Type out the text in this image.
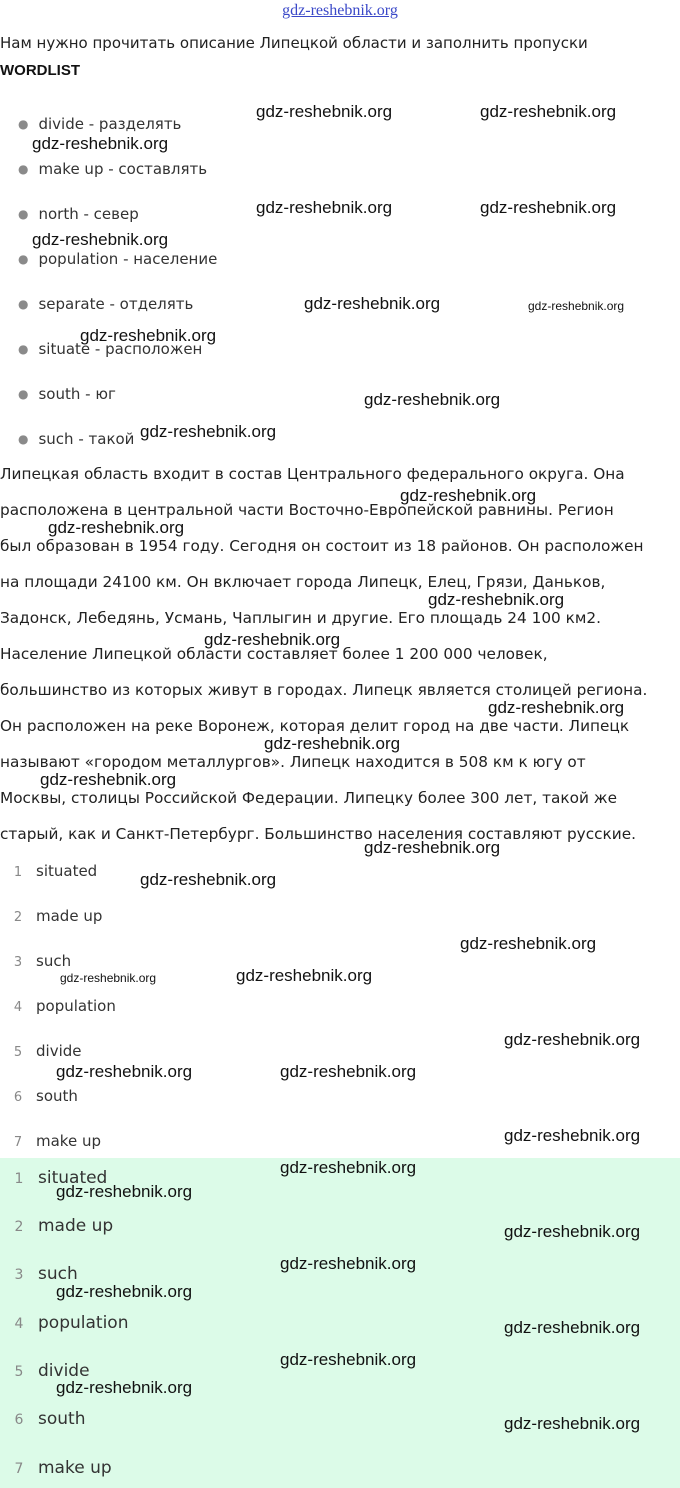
gdz-reshebnik.org
Нам нужно прочитать описание Липецкой области и заполнить пропуски
WORDLIST
● divide - разделять
● make up - составлять
● north - север
● population - население
● separate - отделять
● situate - расположен
● south - юг
● such - такой
Липецкая область входит в состав Центрального федерального округа. Она
расположена в центральной части Восточно-Европейской равнины. Регион
был образован в 1954 году. Сегодня он состоит из 18 районов. Он расположен
на площади 24100 км. Он включает города Липецк, Елец, Грязи, Даньков,
Задонск, Лебедянь, Усмань, Чаплыгин и другие. Его площадь 24 100 км2.
Население Липецкой области составляет более 1 200 000 человек,
большинство из которых живут в городах. Липецк является столицей региона.
Он расположен на реке Воронеж, которая делит город на две части. Липецк
называют «городом металлургов». Липецк находится в 508 км к югу от
Москвы, столицы Российской Федерации. Липецку более 300 лет, такой же
старый, как и Санкт-Петербург. Большинство населения составляют русские.
1 situated
2 made up
3 such
4 population
5 divide
6 south
7 make up
1 situated
2 made up
3 such
4 population
5 divide
6 south
7 make up
gdz-reshebnik.org	gdz-reshebnik.org
gdz-reshebnik.org
gdz-reshebnik.org	gdz-reshebnik.org
gdz-reshebnik.org
gdz-reshebnik.org	gdz-reshebnik.org
gdz-reshebnik.org
gdz-reshebnik.org
gdz-reshebnik.org
gdz-reshebnik.org
gdz-reshebnik.org
gdz-reshebnik.org
gdz-reshebnik.org
gdz-reshebnik.org
gdz-reshebnik.org
gdz-reshebnik.org
gdz-reshebnik.org
gdz-reshebnik.org
gdz-reshebnik.org
gdz-reshebnik.org	gdz-reshebnik.org
gdz-reshebnik.org
gdz-reshebnik.org	gdz-reshebnik.org
gdz-reshebnik.org
gdz-reshebnik.org
gdz-reshebnik.org
gdz-reshebnik.org
gdz-reshebnik.org
gdz-reshebnik.org
gdz-reshebnik.org
gdz-reshebnik.org
gdz-reshebnik.org
gdz-reshebnik.org
